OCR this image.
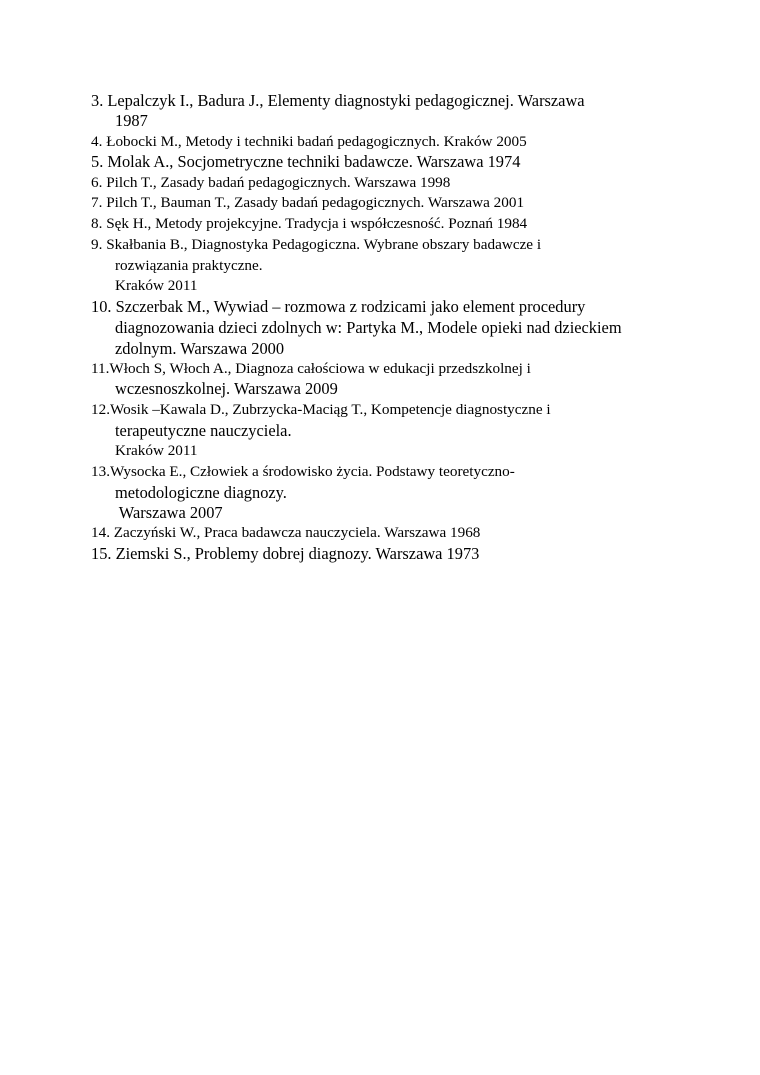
3. Lepalczyk I., Badura J., Elementy diagnostyki pedagogicznej. Warszawa
1987
4. Łobocki M., Metody i techniki badań pedagogicznych. Kraków 2005
5. Molak A., Socjometryczne techniki badawcze. Warszawa 1974
6. Pilch T., Zasady badań pedagogicznych. Warszawa 1998
7. Pilch T., Bauman T., Zasady badań pedagogicznych. Warszawa 2001
8. Sęk H., Metody projekcyjne. Tradycja i współczesność. Poznań 1984
9. Skałbania B., Diagnostyka Pedagogiczna. Wybrane obszary badawcze i
rozwiązania praktyczne.
Kraków 2011
10. Szczerbak M., Wywiad – rozmowa z rodzicami jako element procedury
diagnozowania dzieci zdolnych w: Partyka M., Modele opieki nad dzieckiem
zdolnym. Warszawa 2000
11.Włoch S, Włoch A., Diagnoza całościowa w edukacji przedszkolnej i
wczesnoszkolnej. Warszawa 2009
12.Wosik –Kawala D., Zubrzycka-Maciąg T., Kompetencje diagnostyczne i
terapeutyczne nauczyciela.
Kraków 2011
13.Wysocka E., Człowiek a środowisko życia. Podstawy teoretyczno-
metodologiczne diagnozy.
Warszawa 2007
14. Zaczyński W., Praca badawcza nauczyciela. Warszawa 1968
15. Ziemski S., Problemy dobrej diagnozy. Warszawa 1973
